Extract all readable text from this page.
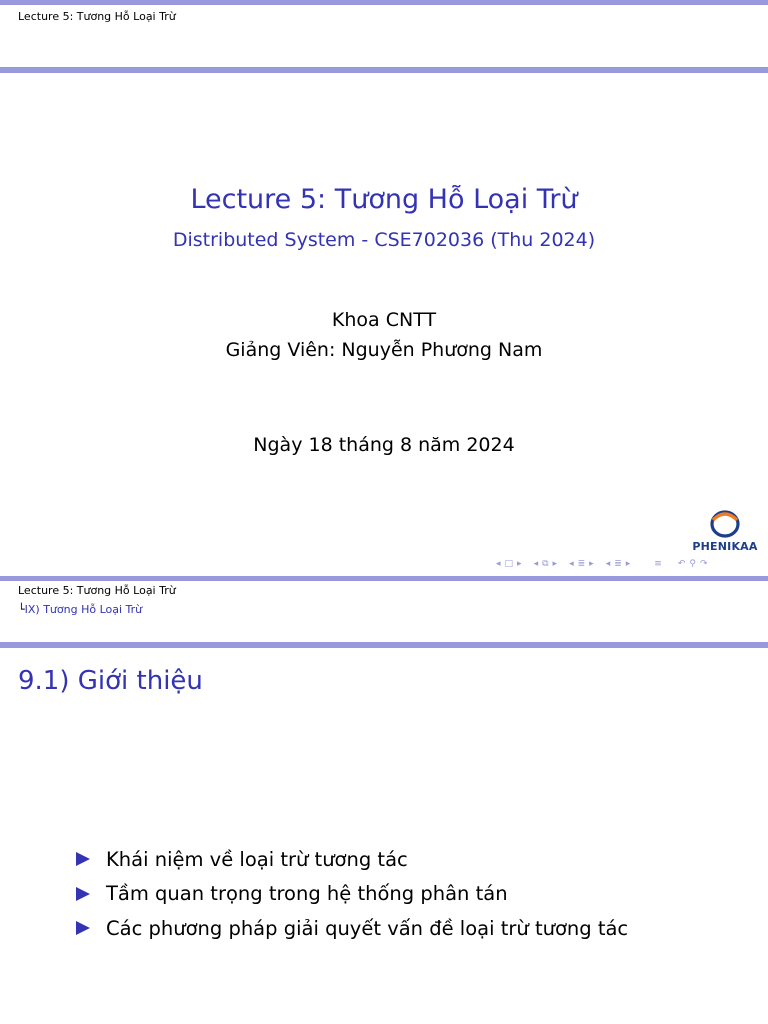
Lecture 5: Tương Hỗ Loại Trừ
Lecture 5: Tương Hỗ Loại Trừ
Distributed System - CSE702036 (Thu 2024)
Khoa CNTT
Giảng Viên: Nguyễn Phương Nam
Ngày 18 tháng 8 năm 2024
PHENIKAA
◂ □ ▸ ◂ ⧉ ▸ ◂ ≣ ▸ ◂ ≣ ▸	≡ ↶ ⚲ ↷
Lecture 5: Tương Hỗ Loại Trừ
└IX) Tương Hỗ Loại Trừ
9.1) Giới thiệu
Khái niệm về loại trừ tương tác
Tầm quan trọng trong hệ thống phân tán
Các phương pháp giải quyết vấn đề loại trừ tương tác
